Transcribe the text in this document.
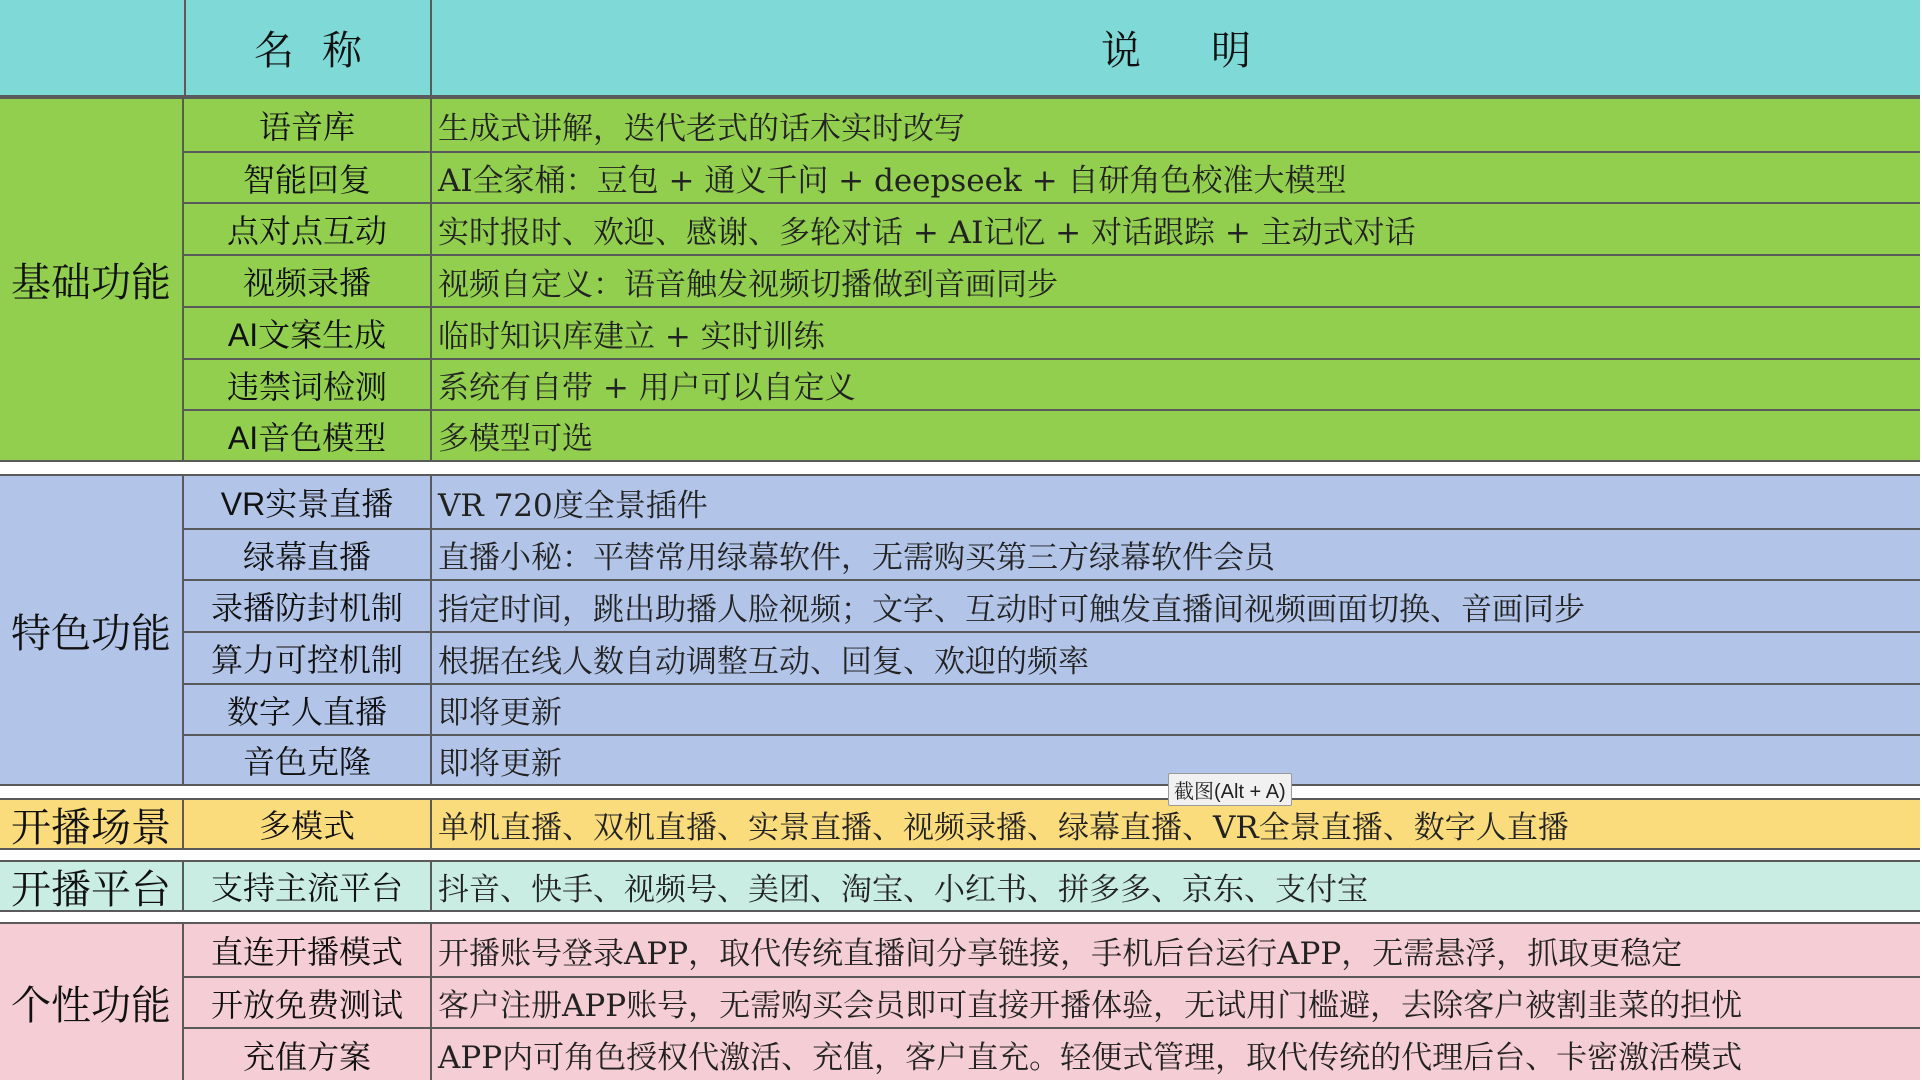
名称	说明
基础功能
语音库	生成式讲解，迭代老式的话术实时改写
智能回复	AI全家桶：豆包 + 通义千问 + deepseek + 自研角色校准大模型
点对点互动	实时报时、欢迎、感谢、多轮对话 + AI记忆 + 对话跟踪 + 主动式对话
视频录播	视频自定义：语音触发视频切播做到音画同步
AI文案生成	临时知识库建立 + 实时训练
违禁词检测	系统有自带 + 用户可以自定义
AI音色模型	多模型可选
特色功能
VR实景直播	VR 720度全景插件
绿幕直播	直播小秘：平替常用绿幕软件，无需购买第三方绿幕软件会员
录播防封机制	指定时间，跳出助播人脸视频；文字、互动时可触发直播间视频画面切换、音画同步
算力可控机制	根据在线人数自动调整互动、回复、欢迎的频率
数字人直播	即将更新
音色克隆	即将更新
开播场景	多模式	单机直播、双机直播、实景直播、视频录播、绿幕直播、VR全景直播、数字人直播
开播平台	支持主流平台	抖音、快手、视频号、美团、淘宝、小红书、拼多多、京东、支付宝
个性功能
直连开播模式	开播账号登录APP，取代传统直播间分享链接，手机后台运行APP，无需悬浮，抓取更稳定
开放免费测试	客户注册APP账号，无需购买会员即可直接开播体验，无试用门槛避，去除客户被割韭菜的担忧
充值方案	APP内可角色授权代激活、充值，客户直充。轻便式管理，取代传统的代理后台、卡密激活模式
截图(Alt + A)
